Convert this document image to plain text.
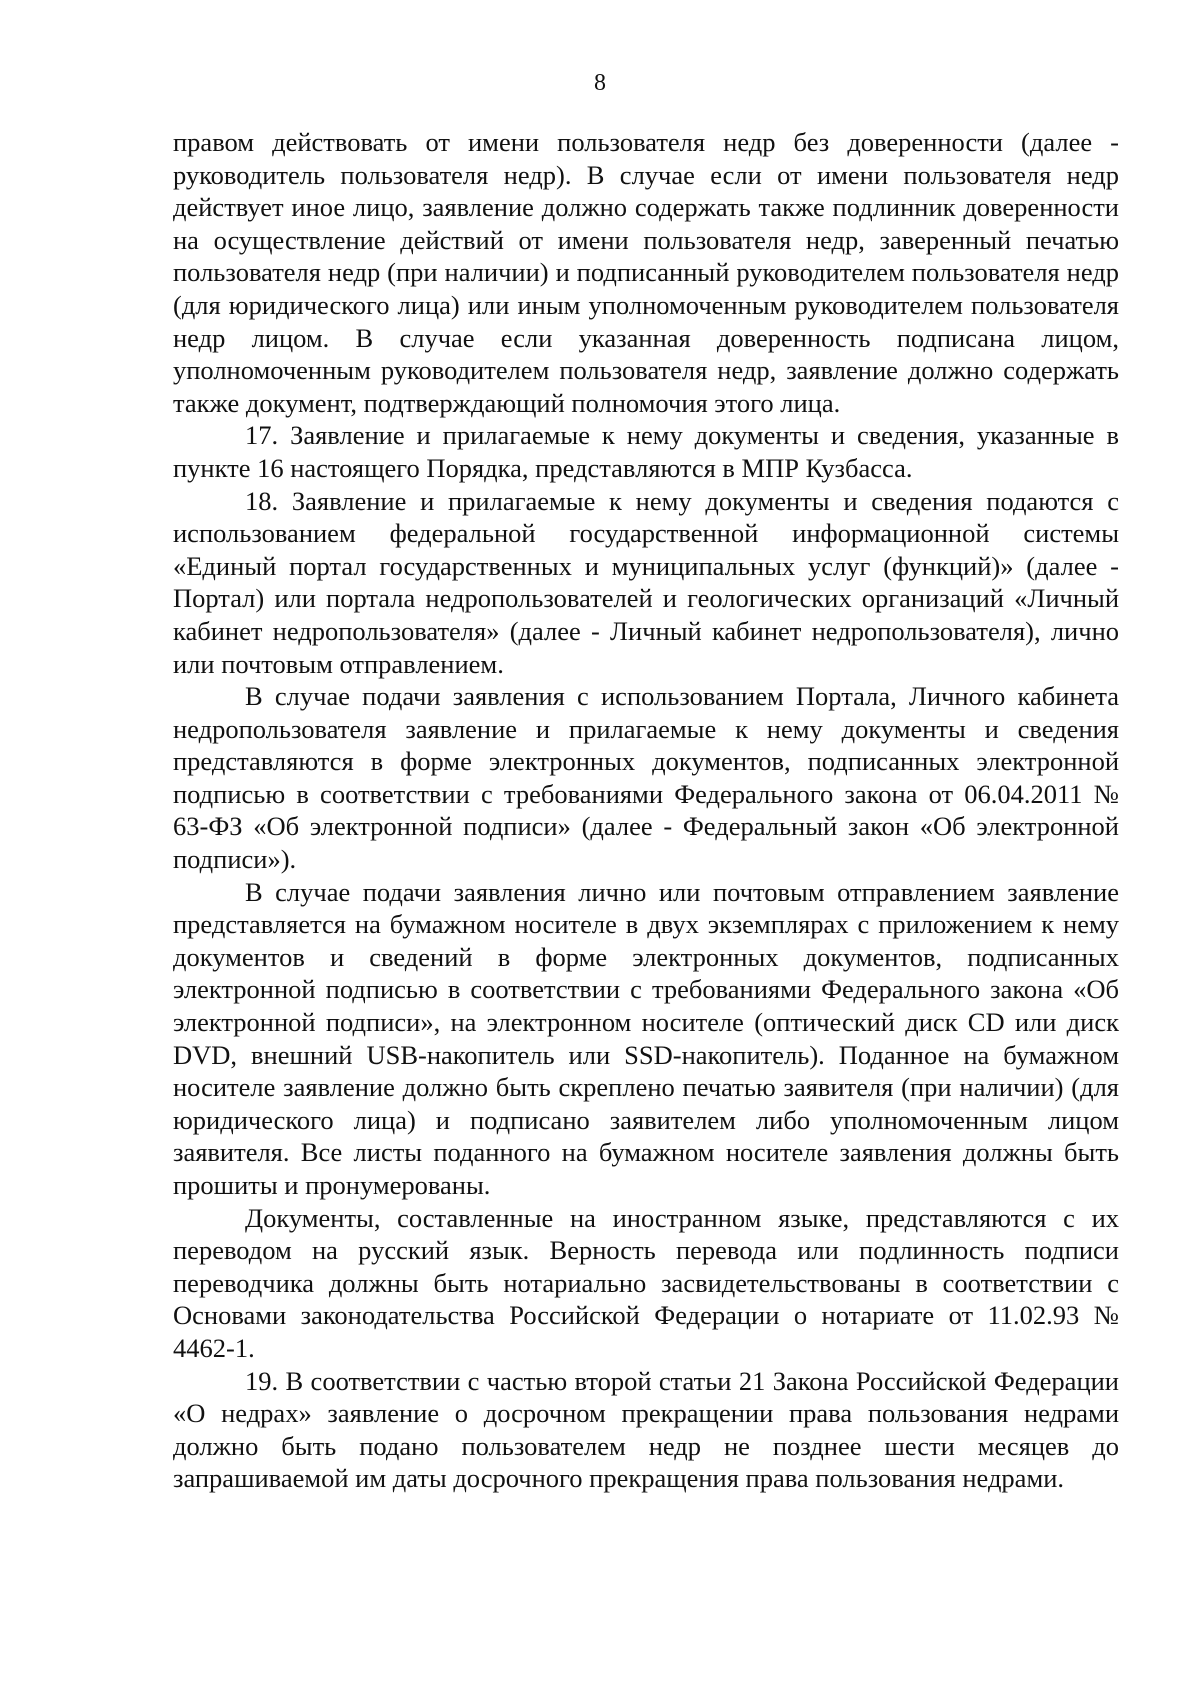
8

правом действовать от имени пользователя недр без доверенности (далее - руководитель пользователя недр). В случае если от имени пользователя недр действует иное лицо, заявление должно содержать также подлинник доверенности на осуществление действий от имени пользователя недр, заверенный печатью пользователя недр (при наличии) и подписанный руководителем пользователя недр (для юридического лица) или иным уполномоченным руководителем пользователя недр лицом. В случае если указанная доверенность подписана лицом, уполномоченным руководителем пользователя недр, заявление должно содержать также документ, подтверждающий полномочия этого лица.

17. Заявление и прилагаемые к нему документы и сведения, указанные в пункте 16 настоящего Порядка, представляются в МПР Кузбасса.

18. Заявление и прилагаемые к нему документы и сведения подаются с использованием федеральной государственной информационной системы «Единый портал государственных и муниципальных услуг (функций)» (далее - Портал) или портала недропользователей и геологических организаций «Личный кабинет недропользователя» (далее - Личный кабинет недропользователя), лично или почтовым отправлением.

В случае подачи заявления с использованием Портала, Личного кабинета недропользователя заявление и прилагаемые к нему документы и сведения представляются в форме электронных документов, подписанных электронной подписью в соответствии с требованиями Федерального закона от 06.04.2011 № 63-ФЗ «Об электронной подписи» (далее - Федеральный закон «Об электронной подписи»).

В случае подачи заявления лично или почтовым отправлением заявление представляется на бумажном носителе в двух экземплярах с приложением к нему документов и сведений в форме электронных документов, подписанных электронной подписью в соответствии с требованиями Федерального закона «Об электронной подписи», на электронном носителе (оптический диск CD или диск DVD, внешний USB-накопитель или SSD-накопитель). Поданное на бумажном носителе заявление должно быть скреплено печатью заявителя (при наличии) (для юридического лица) и подписано заявителем либо уполномоченным лицом заявителя. Все листы поданного на бумажном носителе заявления должны быть прошиты и пронумерованы.

Документы, составленные на иностранном языке, представляются с их переводом на русский язык. Верность перевода или подлинность подписи переводчика должны быть нотариально засвидетельствованы в соответствии с Основами законодательства Российской Федерации о нотариате от 11.02.93 № 4462-1.

19. В соответствии с частью второй статьи 21 Закона Российской Федерации «О недрах» заявление о досрочном прекращении права пользования недрами должно быть подано пользователем недр не позднее шести месяцев до запрашиваемой им даты досрочного прекращения права пользования недрами.
